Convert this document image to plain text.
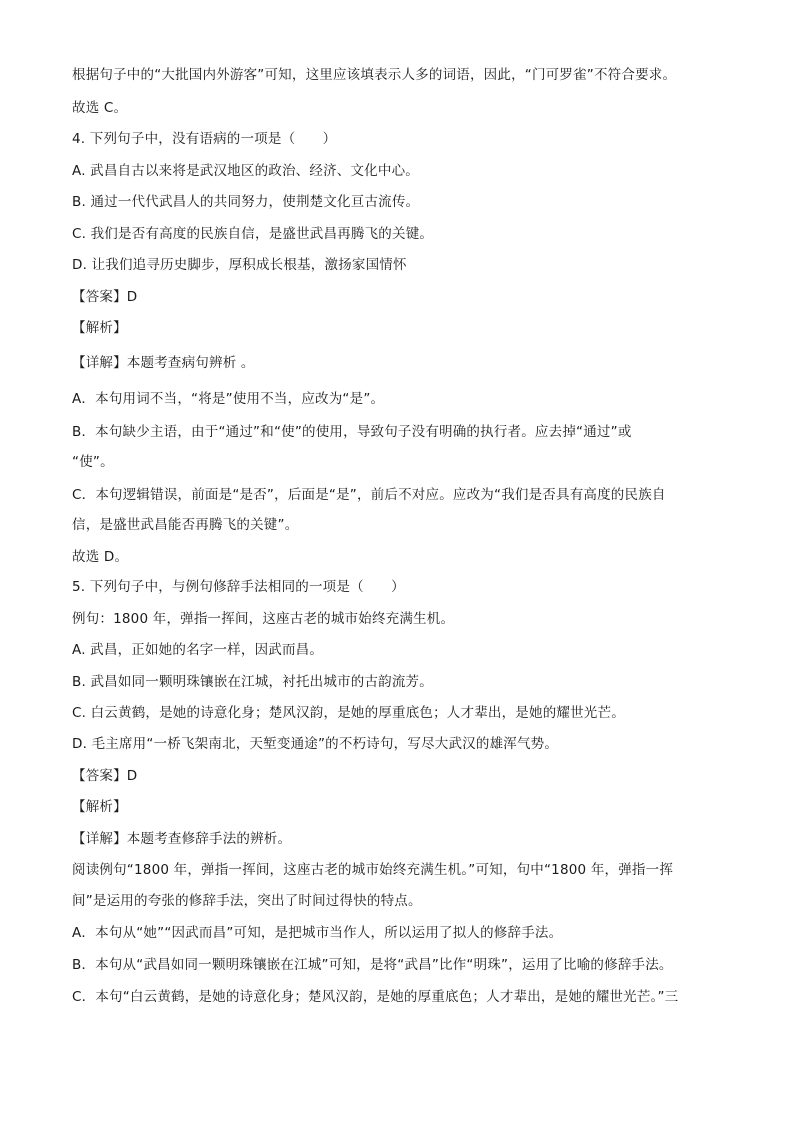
根据句子中的“大批国内外游客”可知，这里应该填表示人多的词语，因此，“门可罗雀”不符合要求。
故选 C。
4. 下列句子中，没有语病的一项是（　　）
A. 武昌自古以来将是武汉地区的政治、经济、文化中心。
B. 通过一代代武昌人的共同努力，使荆楚文化亘古流传。
C. 我们是否有高度的民族自信，是盛世武昌再腾飞的关键。
D. 让我们追寻历史脚步，厚积成长根基，激扬家国情怀
【答案】D
【解析】
【详解】本题考查病句辨析 。
A．本句用词不当，“将是”使用不当，应改为“是”。
B．本句缺少主语，由于“通过”和“使”的使用，导致句子没有明确的执行者。应去掉“通过”或
“使”。
C．本句逻辑错误，前面是“是否”，后面是“是”，前后不对应。应改为“我们是否具有高度的民族自
信，是盛世武昌能否再腾飞的关键”。
故选 D。
5. 下列句子中，与例句修辞手法相同的一项是（　　）
例句：1800 年，弹指一挥间，这座古老的城市始终充满生机。
A. 武昌，正如她的名字一样，因武而昌。
B. 武昌如同一颗明珠镶嵌在江城，衬托出城市的古韵流芳。
C. 白云黄鹤，是她的诗意化身；楚风汉韵，是她的厚重底色；人才辈出，是她的耀世光芒。
D. 毛主席用“一桥飞架南北，天堑变通途”的不朽诗句，写尽大武汉的雄浑气势。
【答案】D
【解析】
【详解】本题考查修辞手法的辨析。
阅读例句“1800 年，弹指一挥间，这座古老的城市始终充满生机。”可知，句中“1800 年，弹指一挥
间”是运用的夸张的修辞手法，突出了时间过得快的特点。
A．本句从“她”“因武而昌”可知，是把城市当作人，所以运用了拟人的修辞手法。
B．本句从“武昌如同一颗明珠镶嵌在江城”可知，是将“武昌”比作“明珠”，运用了比喻的修辞手法。
C．本句“白云黄鹤，是她的诗意化身；楚风汉韵，是她的厚重底色；人才辈出，是她的耀世光芒。”三
